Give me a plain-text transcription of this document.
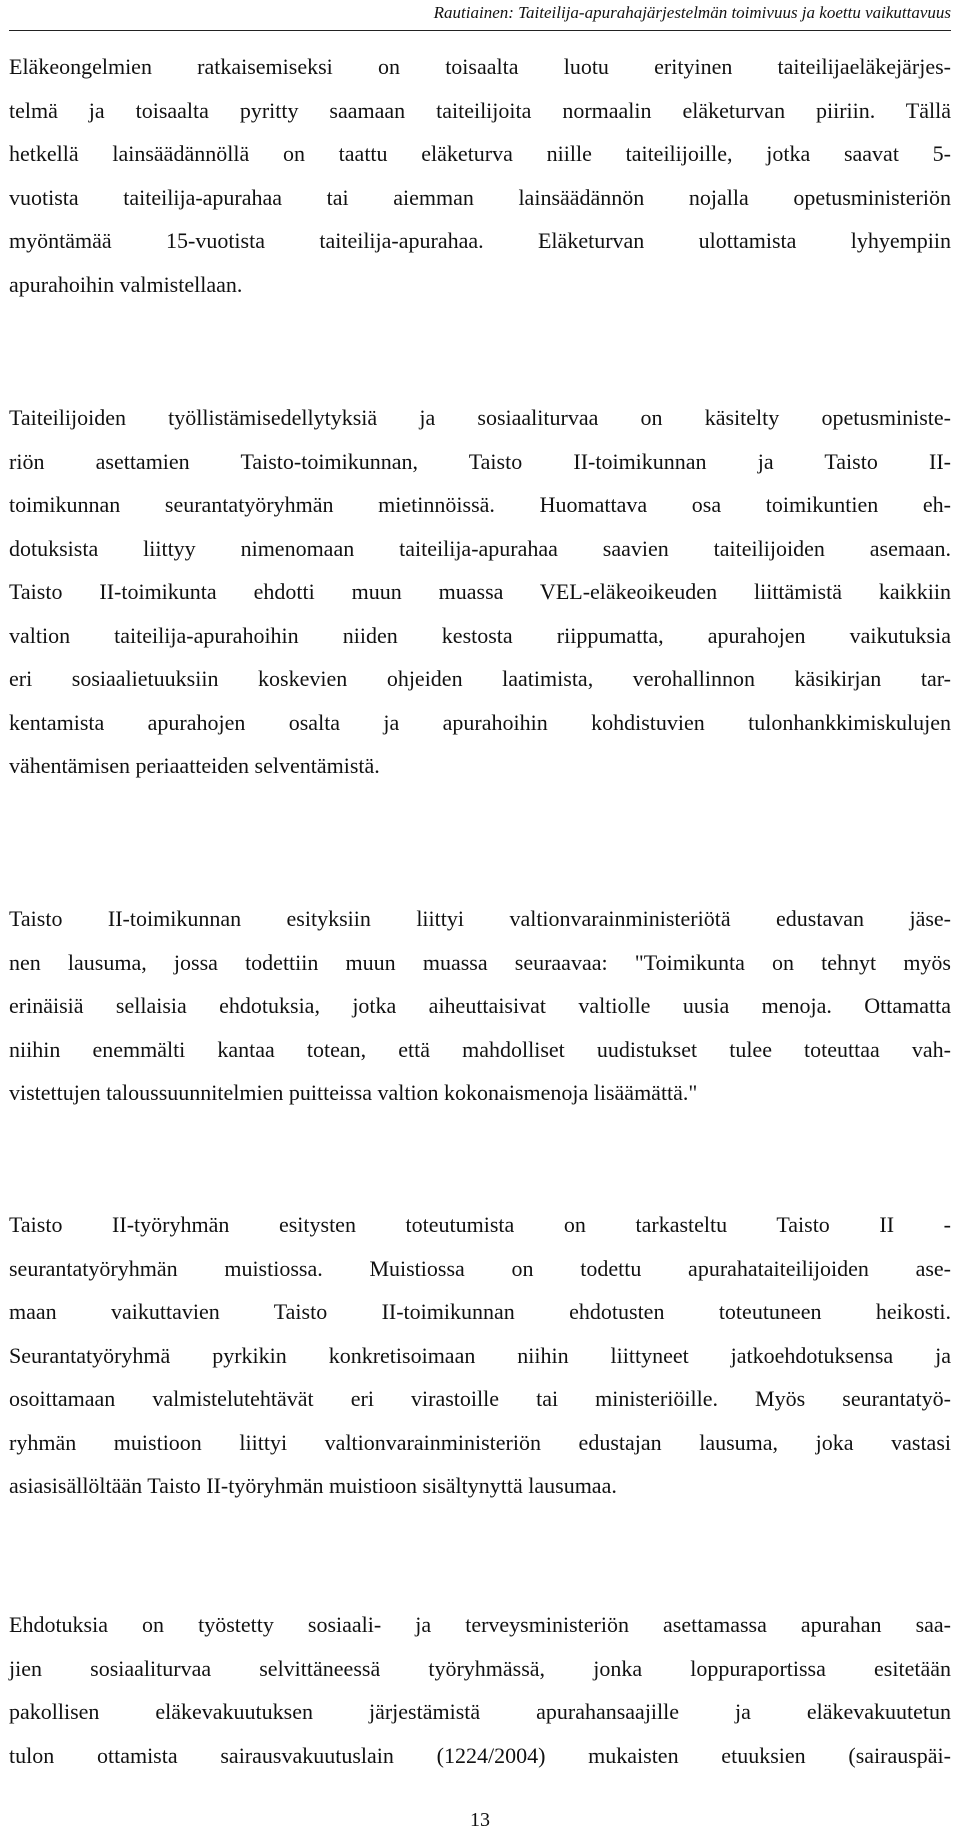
Rautiainen: Taiteilija-apurahajärjestelmän toimivuus ja koettu vaikuttavuus
Eläkeongelmien ratkaisemiseksi on toisaalta luotu erityinen taiteilijaeläkejärjes-
telmä ja toisaalta pyritty saamaan taiteilijoita normaalin eläketurvan piiriin. Tällä
hetkellä lainsäädännöllä on taattu eläketurva niille taiteilijoille, jotka saavat 5-
vuotista taiteilija-apurahaa tai aiemman lainsäädännön nojalla opetusministeriön
myöntämää 15-vuotista taiteilija-apurahaa. Eläketurvan ulottamista lyhyempiin
apurahoihin valmistellaan.
Taiteilijoiden työllistämisedellytyksiä ja sosiaaliturvaa on käsitelty opetusministe-
riön asettamien Taisto-toimikunnan, Taisto II-toimikunnan ja Taisto II-
toimikunnan seurantatyöryhmän mietinnöissä. Huomattava osa toimikuntien eh-
dotuksista liittyy nimenomaan taiteilija-apurahaa saavien taiteilijoiden asemaan.
Taisto II-toimikunta ehdotti muun muassa VEL-eläkeoikeuden liittämistä kaikkiin
valtion taiteilija-apurahoihin niiden kestosta riippumatta, apurahojen vaikutuksia
eri sosiaalietuuksiin koskevien ohjeiden laatimista, verohallinnon käsikirjan tar-
kentamista apurahojen osalta ja apurahoihin kohdistuvien tulonhankkimiskulujen
vähentämisen periaatteiden selventämistä.
Taisto II-toimikunnan esityksiin liittyi valtionvarainministeriötä edustavan jäse-
nen lausuma, jossa todettiin muun muassa seuraavaa: "Toimikunta on tehnyt myös
erinäisiä sellaisia ehdotuksia, jotka aiheuttaisivat valtiolle uusia menoja. Ottamatta
niihin enemmälti kantaa totean, että mahdolliset uudistukset tulee toteuttaa vah-
vistettujen taloussuunnitelmien puitteissa valtion kokonaismenoja lisäämättä."
Taisto II-työryhmän esitysten toteutumista on tarkasteltu Taisto II -
seurantatyöryhmän muistiossa. Muistiossa on todettu apurahataiteilijoiden ase-
maan vaikuttavien Taisto II-toimikunnan ehdotusten toteutuneen heikosti.
Seurantatyöryhmä pyrkikin konkretisoimaan niihin liittyneet jatkoehdotuksensa ja
osoittamaan valmistelutehtävät eri virastoille tai ministeriöille. Myös seurantatyö-
ryhmän muistioon liittyi valtionvarainministeriön edustajan lausuma, joka vastasi
asiasisällöltään Taisto II-työryhmän muistioon sisältynyttä lausumaa.
Ehdotuksia on työstetty sosiaali- ja terveysministeriön asettamassa apurahan saa-
jien sosiaaliturvaa selvittäneessä työryhmässä, jonka loppuraportissa esitetään
pakollisen eläkevakuutuksen järjestämistä apurahansaajille ja eläkevakuutetun
tulon ottamista sairausvakuutuslain (1224/2004) mukaisten etuuksien (sairauspäi-
13
